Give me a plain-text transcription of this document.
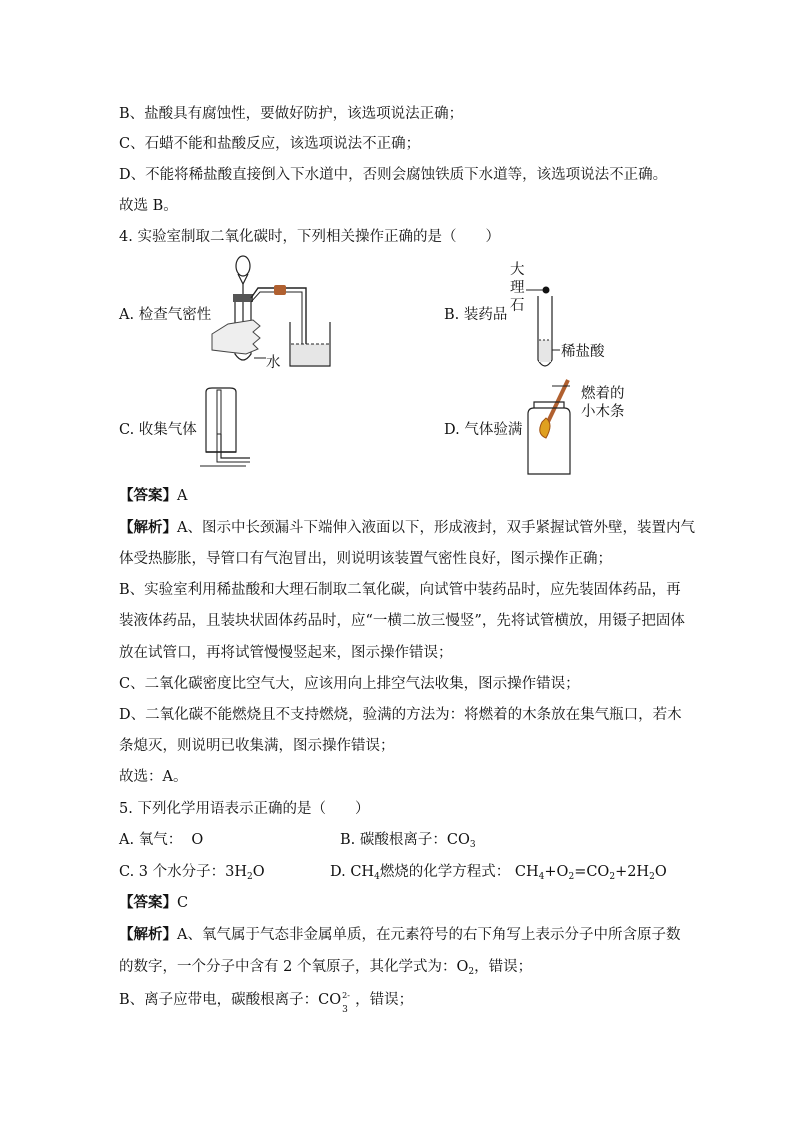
B、盐酸具有腐蚀性，要做好防护，该选项说法正确；
C、石蜡不能和盐酸反应，该选项说法不正确；
D、不能将稀盐酸直接倒入下水道中，否则会腐蚀铁质下水道等，该选项说法不正确。
故选 B。
4. 实验室制取二氧化碳时，下列相关操作正确的是（　　）
A. 检查气密性	B. 装药品
C. 收集气体	D. 气体验满
水
大
理
石
稀盐酸
燃着的
小木条
【答案】A
【解析】A、图示中长颈漏斗下端伸入液面以下，形成液封，双手紧握试管外壁，装置内气
体受热膨胀，导管口有气泡冒出，则说明该装置气密性良好，图示操作正确；
B、实验室利用稀盐酸和大理石制取二氧化碳，向试管中装药品时，应先装固体药品，再
装液体药品，且装块状固体药品时，应“一横二放三慢竖”，先将试管横放，用镊子把固体
放在试管口，再将试管慢慢竖起来，图示操作错误；
C、二氧化碳密度比空气大，应该用向上排空气法收集，图示操作错误；
D、二氧化碳不能燃烧且不支持燃烧，验满的方法为：将燃着的木条放在集气瓶口，若木
条熄灭，则说明已收集满，图示操作错误；
故选：A。
5. 下列化学用语表示正确的是（　　）
A. 氧气： O	B. 碳酸根离子：$CO_3$
C. 3 个水分子：$3H_2O$	D. $CH_4$燃烧的化学方程式： $CH_4+O_2=CO_2+2H_2O$
【答案】C
【解析】A、氧气属于气态非金属单质，在元素符号的右下角写上表示分子中所含原子数
的数字，一个分子中含有 2 个氧原子，其化学式为：$O_2$，错误；
B、离子应带电，碳酸根离子：CO 2-
3
，错误；
